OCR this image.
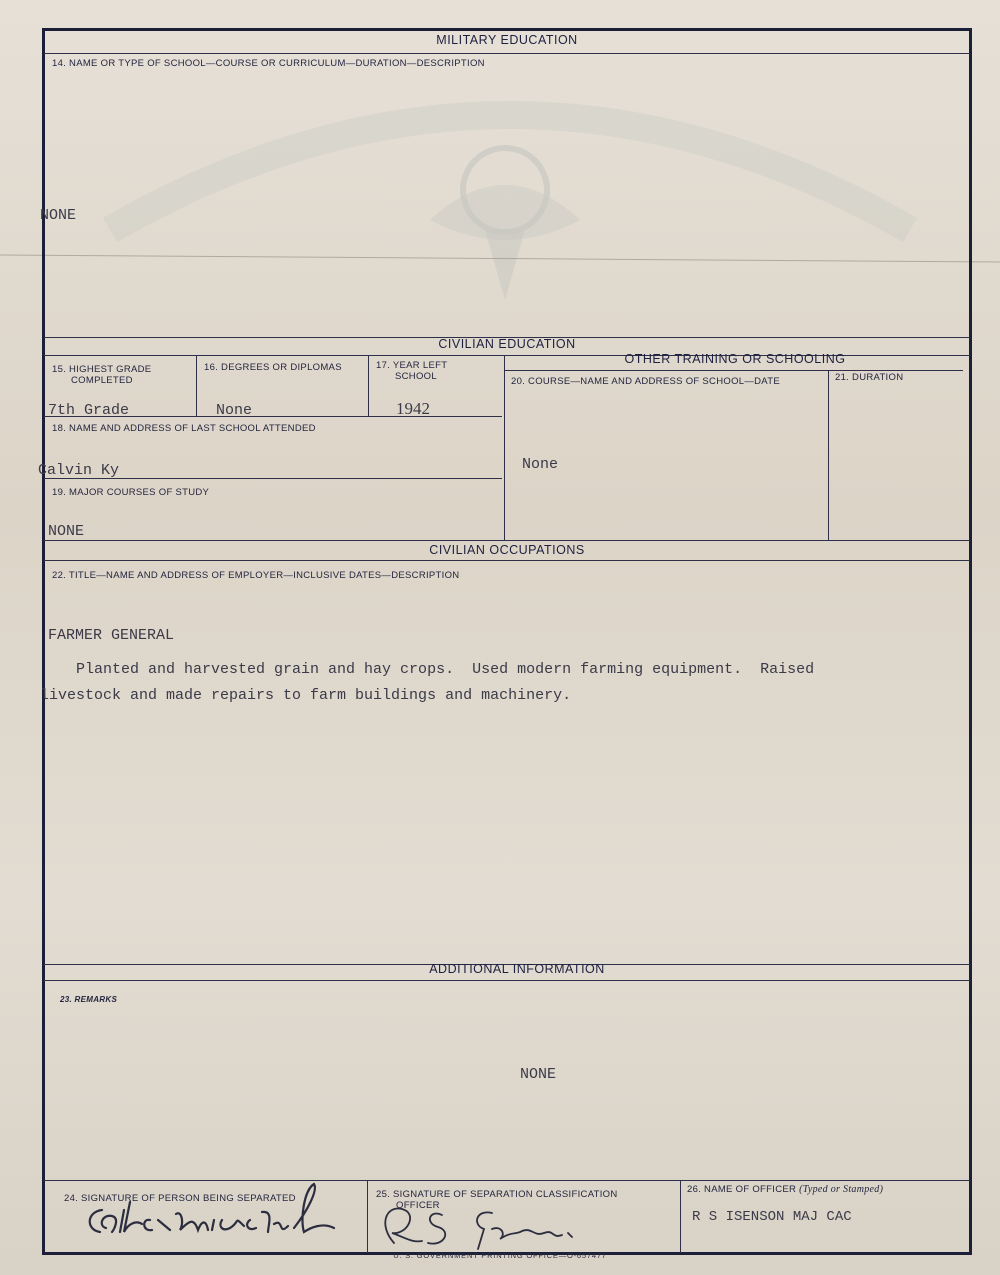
MILITARY EDUCATION
14. NAME OR TYPE OF SCHOOL—COURSE OR CURRICULUM—DURATION—DESCRIPTION
NONE
CIVILIAN EDUCATION
15. HIGHEST GRADE
COMPLETED
7th Grade
16. DEGREES OR DIPLOMAS
None
17. YEAR LEFT
SCHOOL
1942
18. NAME AND ADDRESS OF LAST SCHOOL ATTENDED
Calvin Ky
19. MAJOR COURSES OF STUDY
NONE
OTHER TRAINING OR SCHOOLING
20. COURSE—NAME AND ADDRESS OF SCHOOL—DATE	21. DURATION
None
CIVILIAN OCCUPATIONS
22. TITLE—NAME AND ADDRESS OF EMPLOYER—INCLUSIVE DATES—DESCRIPTION
FARMER GENERAL
Planted and harvested grain and hay crops.  Used modern farming equipment.  Raised
livestock and made repairs to farm buildings and machinery.
ADDITIONAL INFORMATION
23. REMARKS
NONE
24. SIGNATURE OF PERSON BEING SEPARATED	25. SIGNATURE OF SEPARATION CLASSIFICATION
OFFICER
26. NAME OF OFFICER (Typed or Stamped)
R S ISENSON MAJ CAC
U. S. GOVERNMENT PRINTING OFFICE—O-657477
